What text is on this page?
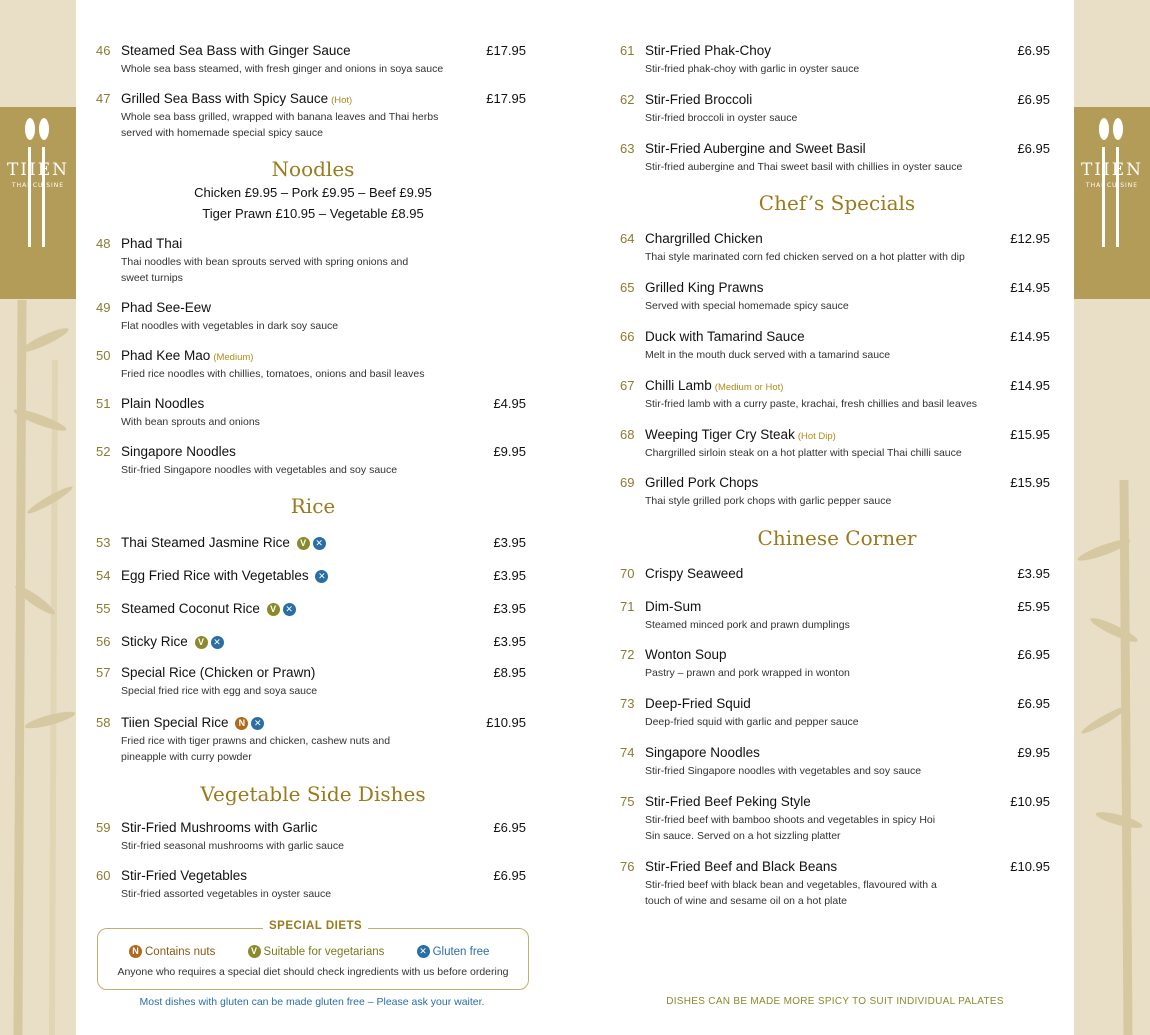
TIIEN
THAI CUISINE
TIIEN
THAI CUISINE
46 Steamed Sea Bass with Ginger Sauce	£17.95
Whole sea bass steamed, with fresh ginger and onions in soya sauce
47 Grilled Sea Bass with Spicy Sauce (Hot)	£17.95
Whole sea bass grilled, wrapped with banana leaves and Thai herbs served with homemade special spicy sauce
Noodles
Chicken £9.95 – Pork £9.95 – Beef £9.95
Tiger Prawn £10.95 – Vegetable £8.95
48 Phad Thai
Thai noodles with bean sprouts served with spring onions and sweet turnips
49 Phad See-Eew
Flat noodles with vegetables in dark soy sauce
50 Phad Kee Mao (Medium)
Fried rice noodles with chillies, tomatoes, onions and basil leaves
51 Plain Noodles	£4.95
With bean sprouts and onions
52 Singapore Noodles	£9.95
Stir-fried Singapore noodles with vegetables and soy sauce
Rice
53 Thai Steamed Jasmine Rice V ✕	£3.95
54 Egg Fried Rice with Vegetables ✕	£3.95
55 Steamed Coconut Rice V ✕	£3.95
56 Sticky Rice V ✕	£3.95
57 Special Rice (Chicken or Prawn)	£8.95
Special fried rice with egg and soya sauce
58 Tiien Special Rice N ✕	£10.95
Fried rice with tiger prawns and chicken, cashew nuts and pineapple with curry powder
Vegetable Side Dishes
59 Stir-Fried Mushrooms with Garlic	£6.95
Stir-fried seasonal mushrooms with garlic sauce
60 Stir-Fried Vegetables	£6.95
Stir-fried assorted vegetables in oyster sauce
SPECIAL DIETS
N Contains nuts	V Suitable for vegetarians	✕ Gluten free
Anyone who requires a special diet should check ingredients with us before ordering
Most dishes with gluten can be made gluten free – Please ask your waiter.
61 Stir-Fried Phak-Choy	£6.95
Stir-fried phak-choy with garlic in oyster sauce
62 Stir-Fried Broccoli	£6.95
Stir-fried broccoli in oyster sauce
63 Stir-Fried Aubergine and Sweet Basil	£6.95
Stir-fried aubergine and Thai sweet basil with chillies in oyster sauce
Chef’s Specials
64 Chargrilled Chicken	£12.95
Thai style marinated corn fed chicken served on a hot platter with dip
65 Grilled King Prawns	£14.95
Served with special homemade spicy sauce
66 Duck with Tamarind Sauce	£14.95
Melt in the mouth duck served with a tamarind sauce
67 Chilli Lamb (Medium or Hot)	£14.95
Stir-fried lamb with a curry paste, krachai, fresh chillies and basil leaves
68 Weeping Tiger Cry Steak (Hot Dip)	£15.95
Chargrilled sirloin steak on a hot platter with special Thai chilli sauce
69 Grilled Pork Chops	£15.95
Thai style grilled pork chops with garlic pepper sauce
Chinese Corner
70 Crispy Seaweed	£3.95
71 Dim-Sum	£5.95
Steamed minced pork and prawn dumplings
72 Wonton Soup	£6.95
Pastry – prawn and pork wrapped in wonton
73 Deep-Fried Squid	£6.95
Deep-fried squid with garlic and pepper sauce
74 Singapore Noodles	£9.95
Stir-fried Singapore noodles with vegetables and soy sauce
75 Stir-Fried Beef Peking Style	£10.95
Stir-fried beef with bamboo shoots and vegetables in spicy Hoi Sin sauce. Served on a hot sizzling platter
76 Stir-Fried Beef and Black Beans	£10.95
Stir-fried beef with black bean and vegetables, flavoured with a touch of wine and sesame oil on a hot plate
DISHES CAN BE MADE MORE SPICY TO SUIT INDIVIDUAL PALATES
